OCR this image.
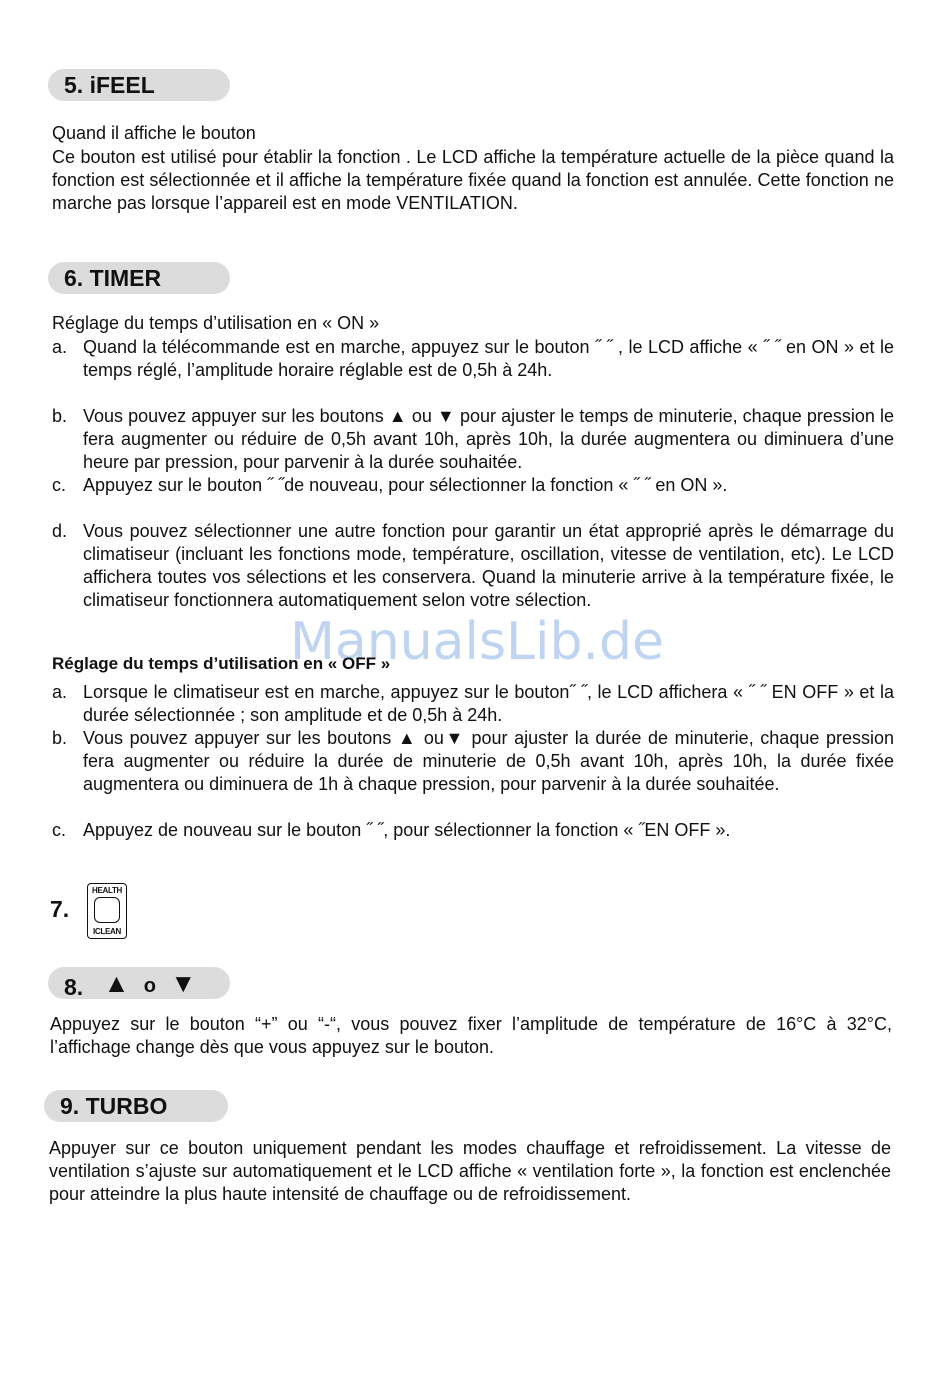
5. iFEEL
Quand il affiche le bouton
Ce bouton est utilisé pour établir la fonction . Le LCD affiche la température actuelle de la pièce quand la fonction est sélectionnée et il affiche la température fixée quand la fonction est annulée. Cette fonction ne marche pas lorsque l’appareil est en mode VENTILATION.
6. TIMER
Réglage du temps d’utilisation en « ON »
a. Quand la télécommande est en marche, appuyez sur le bouton ˝ ˝ , le LCD affiche « ˝ ˝ en ON » et le temps réglé, l’amplitude horaire réglable est de 0,5h à 24h.
b. Vous pouvez appuyer sur les boutons ▲ ou ▼ pour ajuster le temps de minuterie, chaque pression le fera augmenter ou réduire de 0,5h avant 10h, après 10h, la durée augmentera ou diminuera d’une heure par pression, pour parvenir à la durée souhaitée.
c. Appuyez sur le bouton ˝ ˝de nouveau, pour sélectionner la fonction « ˝ ˝ en ON ».
d. Vous pouvez sélectionner une autre fonction pour garantir un état approprié après le démarrage du climatiseur (incluant les fonctions mode, température, oscillation, vitesse de ventilation, etc). Le LCD affichera toutes vos sélections et les conservera. Quand la minuterie arrive à la température fixée, le climatiseur fonctionnera automatiquement selon votre sélection.
ManualsLib.de
Réglage du temps d’utilisation en « OFF »
a. Lorsque le climatiseur est en marche, appuyez sur le bouton˝ ˝, le LCD affichera « ˝ ˝ EN OFF » et la durée sélectionnée ; son amplitude et de 0,5h à 24h.
b. Vous pouvez appuyer sur les boutons ▲ ou▼ pour ajuster la durée de minuterie, chaque pression fera augmenter ou réduire la durée de minuterie de 0,5h avant 10h, après 10h, la durée fixée augmentera ou diminuera de 1h à chaque pression, pour parvenir à la durée souhaitée.
c. Appuyez de nouveau sur le bouton ˝ ˝, pour sélectionner la fonction « ˝EN OFF ».
7.
HEALTH
ICLEAN
8. ▲ o ▼
Appuyez sur le bouton “+” ou “-“, vous pouvez fixer l’amplitude de température de 16°C à 32°C, l’affichage change dès que vous appuyez sur le bouton.
9. TURBO
Appuyer sur ce bouton uniquement pendant les modes chauffage et refroidissement. La vitesse de ventilation s’ajuste sur automatiquement et le LCD affiche « ventilation forte », la fonction est enclenchée pour atteindre la plus haute intensité de chauffage ou de refroidissement.
